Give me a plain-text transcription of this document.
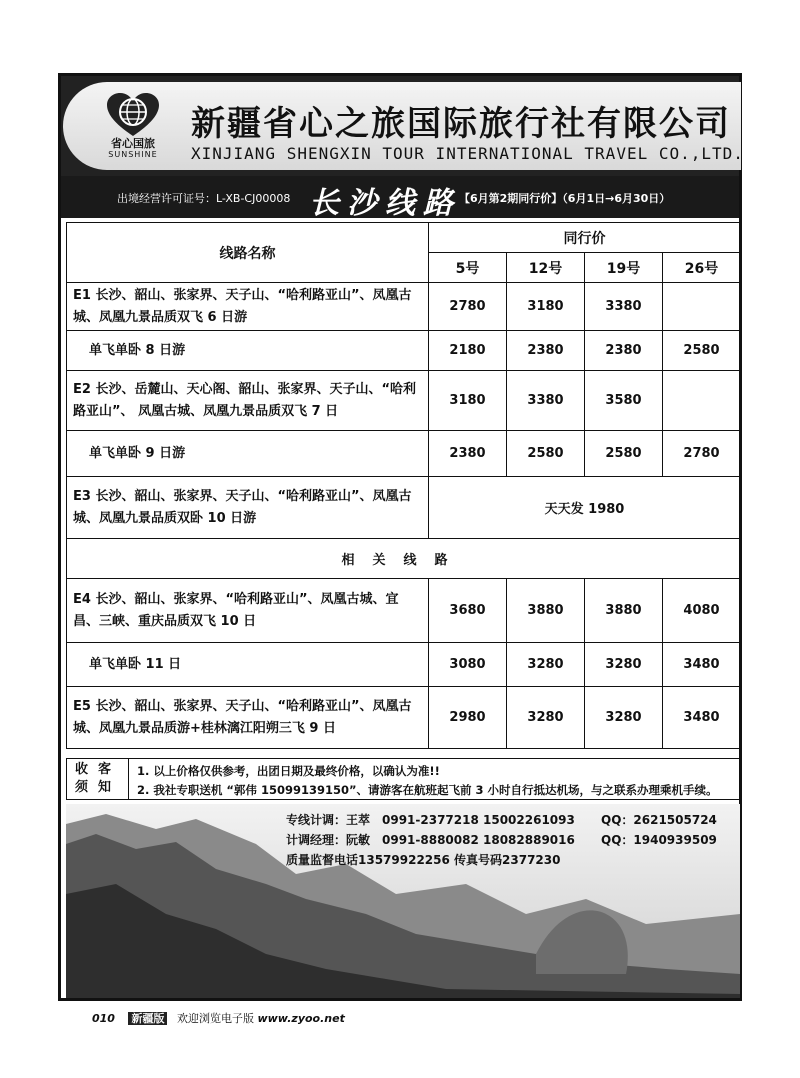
省心国旅
SUNSHINE
新疆省心之旅国际旅行社有限公司
XINJIANG SHENGXIN TOUR INTERNATIONAL TRAVEL CO.,LTD.
出境经营许可证号：L-XB-CJ00008 长沙线路
【6月第2期同行价】（6月1日→6月30日）
线路名称	同行价			
	5号	12号	19号	26号
E1 长沙、韶山、张家界、天子山、“哈利路亚山”、凤凰古城、凤凰九景品质双飞 6 日游	2780	3180	3380	
单飞单卧 8 日游	2180	2380	2380	2580
E2 长沙、岳麓山、天心阁、韶山、张家界、天子山、“哈利路亚山”、 凤凰古城、凤凰九景品质双飞 7 日	3180	3380	3580	
单飞单卧 9 日游	2380	2580	2580	2780
E3 长沙、韶山、张家界、天子山、“哈利路亚山”、凤凰古城、凤凰九景品质双卧 10 日游	天天发 1980			
相关线路				
E4 长沙、韶山、张家界、“哈利路亚山”、凤凰古城、宜昌、三峡、重庆品质双飞 10 日	3680	3880	3880	4080
单飞单卧 11 日	3080	3280	3280	3480
E5 长沙、韶山、张家界、天子山、“哈利路亚山”、凤凰古城、凤凰九景品质游+桂林漓江阳朔三飞 9 日	2980	3280	3280	3480
收客须知
1. 以上价格仅供参考，出团日期及最终价格，以确认为准!!
2. 我社专职送机 “郭伟 15099139150”、请游客在航班起飞前 3 小时自行抵达机场，与之联系办理乘机手续。
专线计调：王萃　0991-2377218 15002261093 QQ：2621505724
计调经理：阮敏　0991-8880082 18082889016 QQ：1940939509
质量监督电话13579922256 传真号码2377230
010 新疆版 欢迎浏览电子版 www.zyoo.net
